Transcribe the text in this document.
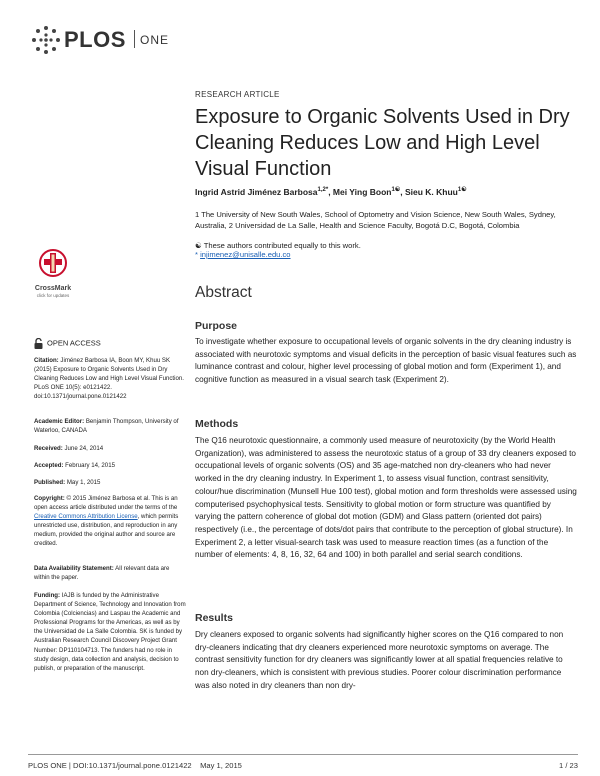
PLOS ONE
RESEARCH ARTICLE
Exposure to Organic Solvents Used in Dry Cleaning Reduces Low and High Level Visual Function
Ingrid Astrid Jiménez Barbosa$^{1,2*}$, Mei Ying Boon$^{1☯}$, Sieu K. Khuu$^{1☯}$
1 The University of New South Wales, School of Optometry and Vision Science, New South Wales, Sydney, Australia, 2 Universidad de La Salle, Health and Science Faculty, Bogotá D.C, Bogotá, Colombia
☯ These authors contributed equally to this work.
* injimenez@unisalle.edu.co
CrossMark
click for updates
OPEN ACCESS
Citation: Jiménez Barbosa IA, Boon MY, Khuu SK (2015) Exposure to Organic Solvents Used in Dry Cleaning Reduces Low and High Level Visual Function. PLoS ONE 10(5): e0121422. doi:10.1371/journal.pone.0121422
Academic Editor: Benjamin Thompson, University of Waterloo, CANADA
Received: June 24, 2014
Accepted: February 14, 2015
Published: May 1, 2015
Copyright: © 2015 Jiménez Barbosa et al. This is an open access article distributed under the terms of the Creative Commons Attribution License, which permits unrestricted use, distribution, and reproduction in any medium, provided the original author and source are credited.
Data Availability Statement: All relevant data are within the paper.
Funding: IAJB is funded by the Administrative Department of Science, Technology and Innovation from Colombia (Colciencias) and Laspau the Academic and Professional Programs for the Americas, as well as by the Universidad de La Salle Colombia. SK is funded by Australian Research Council Discovery Project Grant Number: DP110104713. The funders had no role in study design, data collection and analysis, decision to publish, or preparation of the manuscript.
Abstract
Purpose
To investigate whether exposure to occupational levels of organic solvents in the dry cleaning industry is associated with neurotoxic symptoms and visual deficits in the perception of basic visual features such as luminance contrast and colour, higher level processing of global motion and form (Experiment 1), and cognitive function as measured in a visual search task (Experiment 2).
Methods
The Q16 neurotoxic questionnaire, a commonly used measure of neurotoxicity (by the World Health Organization), was administered to assess the neurotoxic status of a group of 33 dry cleaners exposed to occupational levels of organic solvents (OS) and 35 age-matched non dry-cleaners who had never worked in the dry cleaning industry. In Experiment 1, to assess visual function, contrast sensitivity, colour/hue discrimination (Munsell Hue 100 test), global motion and form thresholds were assessed using computerised psychophysical tests. Sensitivity to global motion or form structure was quantified by varying the pattern coherence of global dot motion (GDM) and Glass pattern (oriented dot pairs) respectively (i.e., the percentage of dots/dot pairs that contribute to the perception of global structure). In Experiment 2, a letter visual-search task was used to measure reaction times (as a function of the number of elements: 4, 8, 16, 32, 64 and 100) in both parallel and serial search conditions.
Results
Dry cleaners exposed to organic solvents had significantly higher scores on the Q16 compared to non dry-cleaners indicating that dry cleaners experienced more neurotoxic symptoms on average. The contrast sensitivity function for dry cleaners was significantly lower at all spatial frequencies relative to non dry-cleaners, which is consistent with previous studies. Poorer colour discrimination performance was also noted in dry cleaners than non dry-
PLOS ONE | DOI:10.1371/journal.pone.0121422    May 1, 2015	1 / 23
